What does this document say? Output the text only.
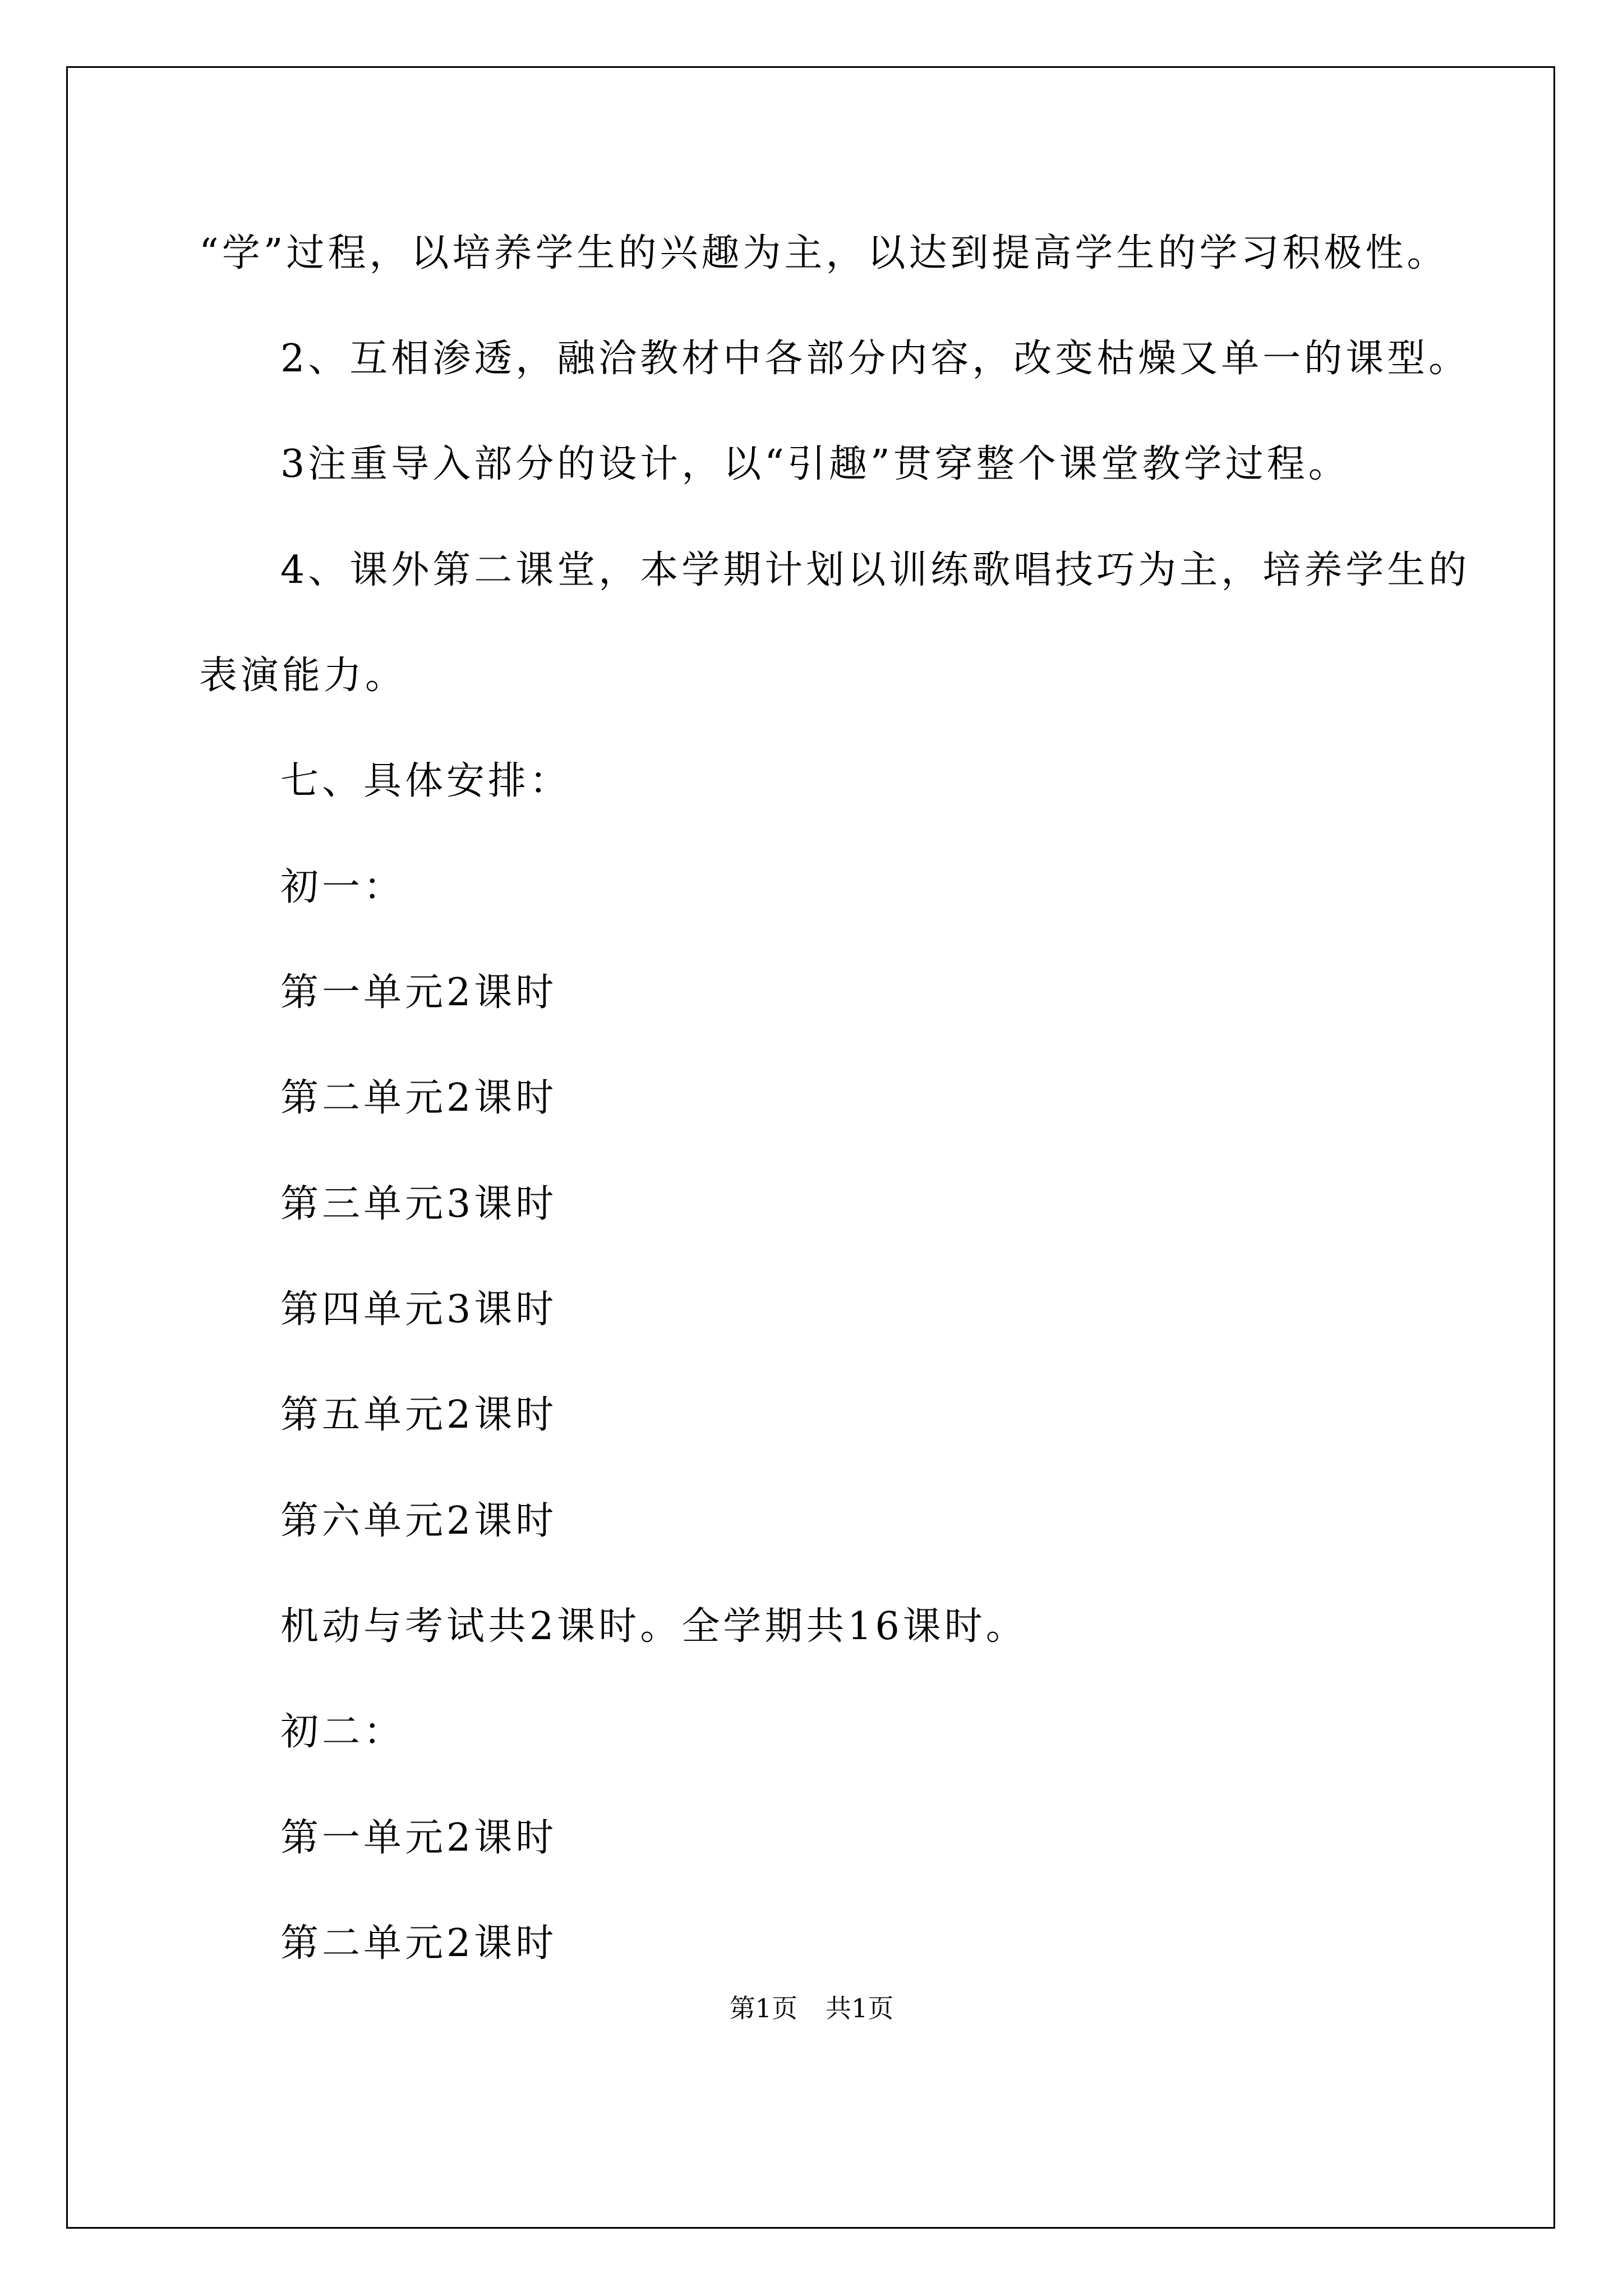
“学”过程，以培养学生的兴趣为主，以达到提高学生的学习积极性。
2、互相渗透，融洽教材中各部分内容，改变枯燥又单一的课型。
3注重导入部分的设计，以“引趣”贯穿整个课堂教学过程。
4、课外第二课堂，本学期计划以训练歌唱技巧为主，培养学生的
表演能力。
七、具体安排：
初一：
第一单元2课时
第二单元2课时
第三单元3课时
第四单元3课时
第五单元2课时
第六单元2课时
机动与考试共2课时。全学期共16课时。
初二：
第一单元2课时
第二单元2课时
第1页 共1页
